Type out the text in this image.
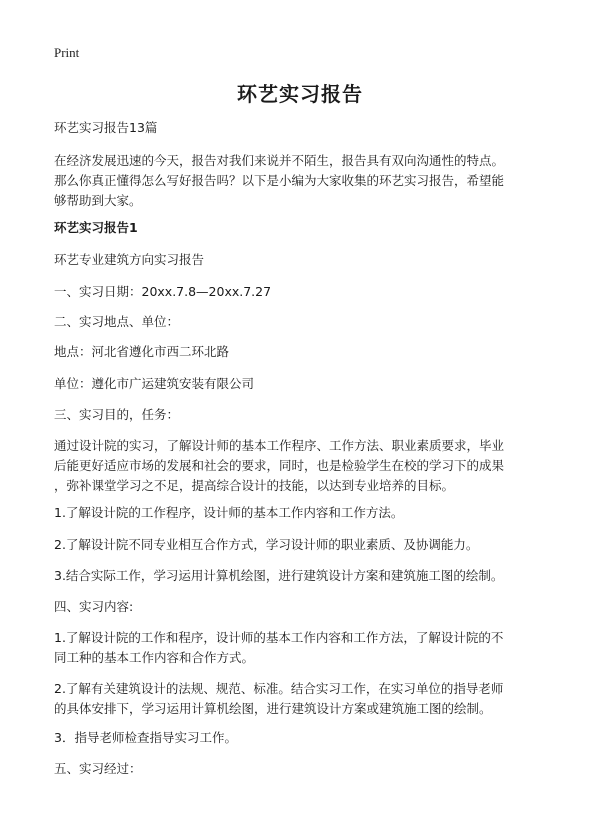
Print
环艺实习报告
环艺实习报告13篇
在经济发展迅速的今天，报告对我们来说并不陌生，报告具有双向沟通性的特点。
那么你真正懂得怎么写好报告吗？以下是小编为大家收集的环艺实习报告，希望能
够帮助到大家。
环艺实习报告1
环艺专业建筑方向实习报告
一、实习日期：20xx.7.8—20xx.7.27
二、实习地点、单位：
地点：河北省遵化市西二环北路
单位：遵化市广运建筑安装有限公司
三、实习目的，任务：
通过设计院的实习，了解设计师的基本工作程序、工作方法、职业素质要求，毕业
后能更好适应市场的发展和社会的要求，同时，也是检验学生在校的学习下的成果
，弥补课堂学习之不足，提高综合设计的技能，以达到专业培养的目标。
1.了解设计院的工作程序，设计师的基本工作内容和工作方法。
2.了解设计院不同专业相互合作方式，学习设计师的职业素质、及协调能力。
3.结合实际工作，学习运用计算机绘图，进行建筑设计方案和建筑施工图的绘制。
四、实习内容:
1.了解设计院的工作和程序，设计师的基本工作内容和工作方法，了解设计院的不
同工种的基本工作内容和合作方式。
2.了解有关建筑设计的法规、规范、标准。结合实习工作，在实习单位的指导老师
的具体安排下，学习运用计算机绘图，进行建筑设计方案或建筑施工图的绘制。
3．指导老师检查指导实习工作。
五、实习经过：
